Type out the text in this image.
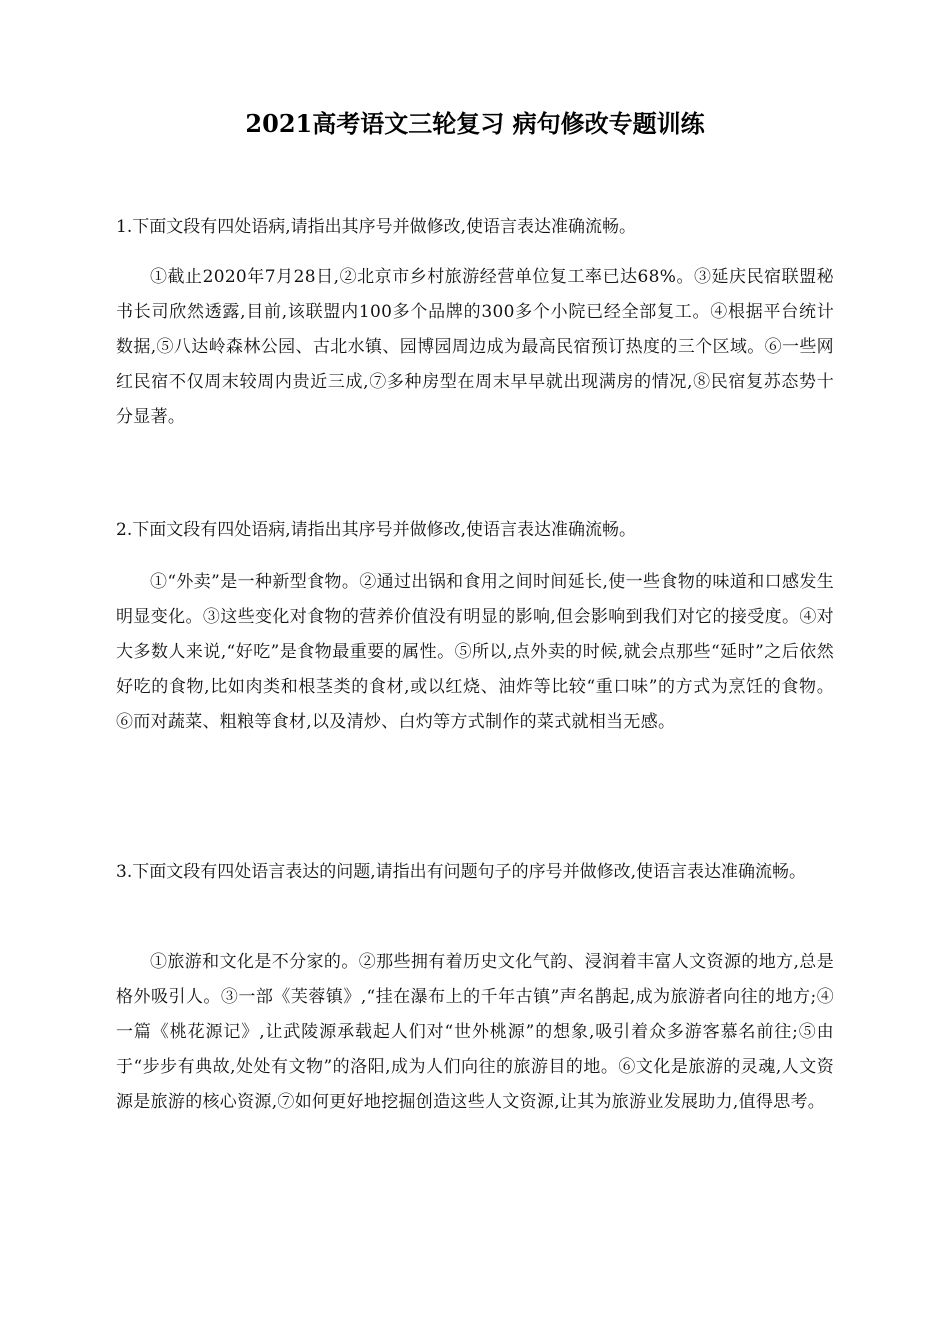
2021高考语文三轮复习 病句修改专题训练
1.下面文段有四处语病,请指出其序号并做修改,使语言表达准确流畅。
①截止2020年7月28日,②北京市乡村旅游经营单位复工率已达68%。③延庆民宿联盟秘书长司欣然透露,目前,该联盟内100多个品牌的300多个小院已经全部复工。④根据平台统计数据,⑤八达岭森林公园、古北水镇、园博园周边成为最高民宿预订热度的三个区域。⑥一些网红民宿不仅周末较周内贵近三成,⑦多种房型在周末早早就出现满房的情况,⑧民宿复苏态势十分显著。
2.下面文段有四处语病,请指出其序号并做修改,使语言表达准确流畅。
①“外卖”是一种新型食物。②通过出锅和食用之间时间延长,使一些食物的味道和口感发生明显变化。③这些变化对食物的营养价值没有明显的影响,但会影响到我们对它的接受度。④对大多数人来说,“好吃”是食物最重要的属性。⑤所以,点外卖的时候,就会点那些“延时”之后依然好吃的食物,比如肉类和根茎类的食材,或以红烧、油炸等比较“重口味”的方式为烹饪的食物。⑥而对蔬菜、粗粮等食材,以及清炒、白灼等方式制作的菜式就相当无感。
3.下面文段有四处语言表达的问题,请指出有问题句子的序号并做修改,使语言表达准确流畅。
①旅游和文化是不分家的。②那些拥有着历史文化气韵、浸润着丰富人文资源的地方,总是格外吸引人。③一部《芙蓉镇》,“挂在瀑布上的千年古镇”声名鹊起,成为旅游者向往的地方;④一篇《桃花源记》,让武陵源承载起人们对“世外桃源”的想象,吸引着众多游客慕名前往;⑤由于“步步有典故,处处有文物”的洛阳,成为人们向往的旅游目的地。⑥文化是旅游的灵魂,人文资源是旅游的核心资源,⑦如何更好地挖掘创造这些人文资源,让其为旅游业发展助力,值得思考。
